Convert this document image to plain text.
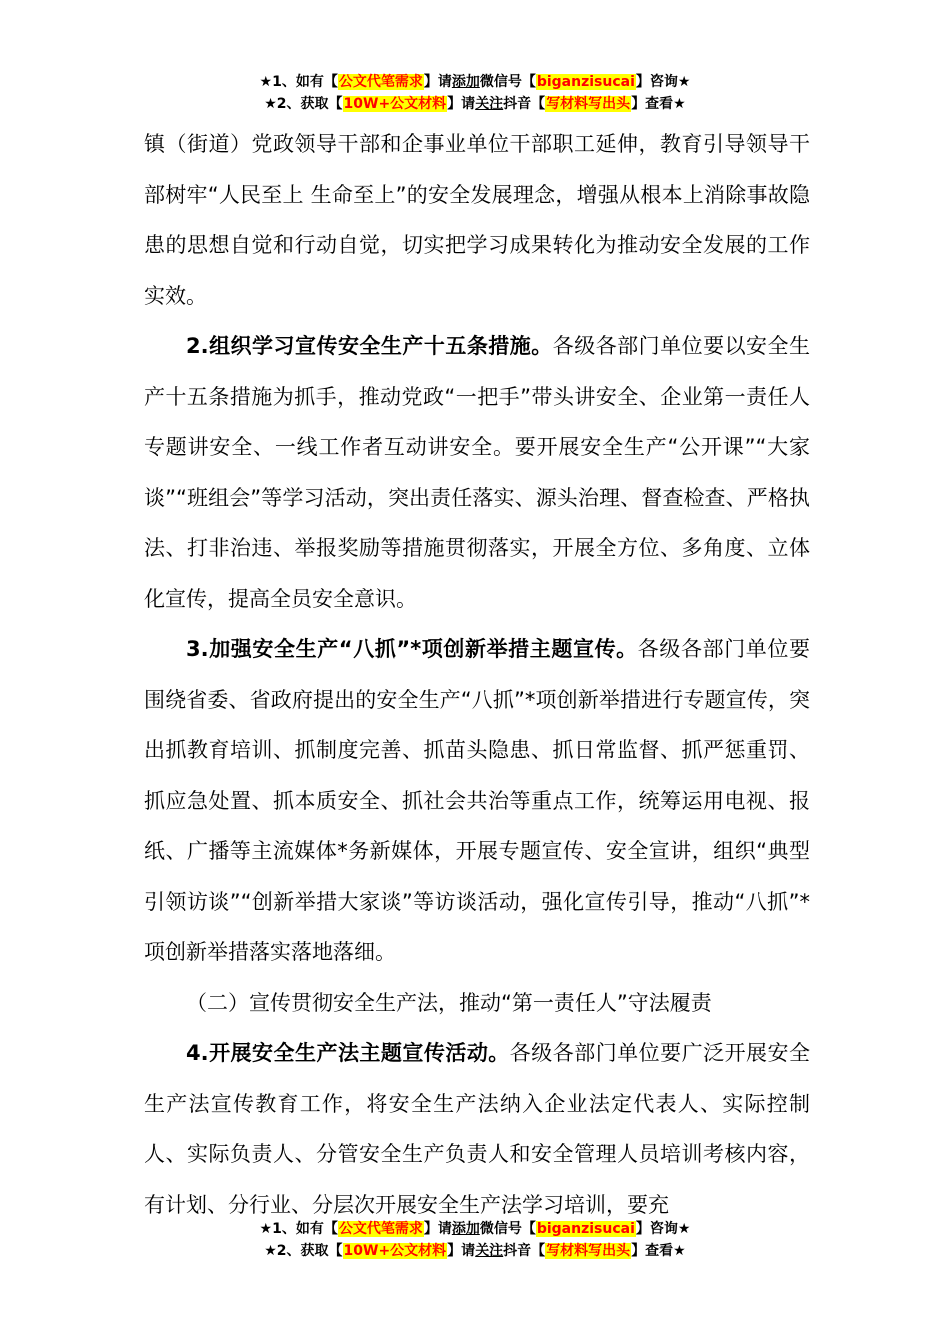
★1、如有【公文代笔需求】请添加微信号【biganzisucai】咨询★
★2、获取【10W+公文材料】请关注抖音【写材料写出头】查看★

镇（街道）党政领导干部和企事业单位干部职工延伸，教育引导领导干部树牢“人民至上 生命至上”的安全发展理念，增强从根本上消除事故隐患的思想自觉和行动自觉，切实把学习成果转化为推动安全发展的工作实效。

2.组织学习宣传安全生产十五条措施。各级各部门单位要以安全生产十五条措施为抓手，推动党政“一把手”带头讲安全、企业第一责任人专题讲安全、一线工作者互动讲安全。要开展安全生产“公开课”“大家谈”“班组会”等学习活动，突出责任落实、源头治理、督查检查、严格执法、打非治违、举报奖励等措施贯彻落实，开展全方位、多角度、立体化宣传，提高全员安全意识。

3.加强安全生产“八抓”*项创新举措主题宣传。各级各部门单位要围绕省委、省政府提出的安全生产“八抓”*项创新举措进行专题宣传，突出抓教育培训、抓制度完善、抓苗头隐患、抓日常监督、抓严惩重罚、抓应急处置、抓本质安全、抓社会共治等重点工作，统筹运用电视、报纸、广播等主流媒体*务新媒体，开展专题宣传、安全宣讲，组织“典型引领访谈”“创新举措大家谈”等访谈活动，强化宣传引导，推动“八抓”*项创新举措落实落地落细。

（二）宣传贯彻安全生产法，推动“第一责任人”守法履责

4.开展安全生产法主题宣传活动。各级各部门单位要广泛开展安全生产法宣传教育工作，将安全生产法纳入企业法定代表人、实际控制人、实际负责人、分管安全生产负责人和安全管理人员培训考核内容，有计划、分行业、分层次开展安全生产法学习培训，要充

★1、如有【公文代笔需求】请添加微信号【biganzisucai】咨询★
★2、获取【10W+公文材料】请关注抖音【写材料写出头】查看★
